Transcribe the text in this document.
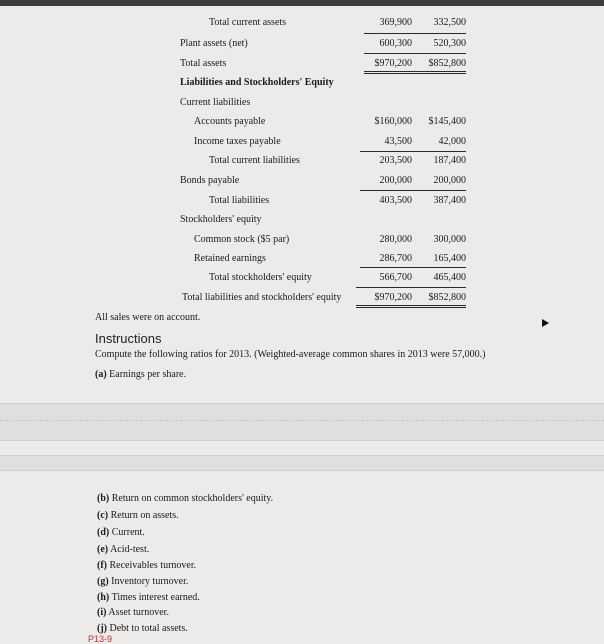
Total current assets	369,900	332,500
Plant assets (net)	600,300	520,300
Total assets	$970,200	$852,800
Liabilities and Stockholders' Equity
Current liabilities
Accounts payable	$160,000	$145,400
Income taxes payable	43,500	42,000
Total current liabilities	203,500	187,400
Bonds payable	200,000	200,000
Total liabilities	403,500	387,400
Stockholders' equity
Common stock ($5 par)	280,000	300,000
Retained earnings	286,700	165,400
Total stockholders' equity	566,700	465,400
Total liabilities and stockholders' equity	$970,200	$852,800
All sales were on account.
Instructions
Compute the following ratios for 2013. (Weighted-average common shares in 2013 were 57,000.)
(a) Earnings per share.
(b) Return on common stockholders' equity.
(c) Return on assets.
(d) Current.
(e) Acid-test.
(f) Receivables turnover.
(g) Inventory turnover.
(h) Times interest earned.
(i) Asset turnover.
(j) Debt to total assets.
P13-9
